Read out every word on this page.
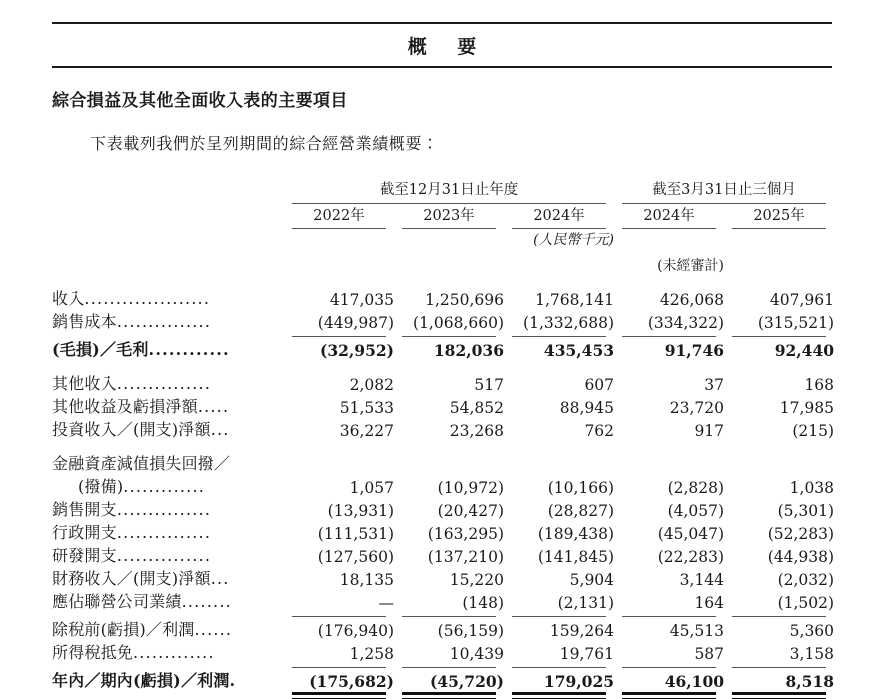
概 要
綜合損益及其他全面收入表的主要項目
下表載列我們於呈列期間的綜合經營業績概要：
	截至12月31日止年度			截至3月31日止三個月	

	2022年	2023年	2024年	2024年	2025年

			(人民幣千元)		
				(未經審計)	

收入....................	417,035	1,250,696	1,768,141	426,068	407,961
銷售成本...............	(449,987)	(1,068,660)	(1,332,688)	(334,322)	(315,521)

(毛損)／毛利............	(32,952)	182,036	435,453	91,746	92,440

其他收入...............	2,082	517	607	37	168
其他收益及虧損淨額.....	51,533	54,852	88,945	23,720	17,985
投資收入／(開支)淨額...	36,227	23,268	762	917	(215)

金融資產減值損失回撥／					
(撥備).............	1,057	(10,972)	(10,166)	(2,828)	1,038
銷售開支...............	(13,931)	(20,427)	(28,827)	(4,057)	(5,301)
行政開支...............	(111,531)	(163,295)	(189,438)	(45,047)	(52,283)
研發開支...............	(127,560)	(137,210)	(141,845)	(22,283)	(44,938)
財務收入／(開支)淨額...	18,135	15,220	5,904	3,144	(2,032)
應佔聯營公司業績........	—	(148)	(2,131)	164	(1,502)

除稅前(虧損)／利潤......	(176,940)	(56,159)	159,264	45,513	5,360
所得稅抵免.............	1,258	10,439	19,761	587	3,158

年內／期內(虧損)／利潤.	(175,682)	(45,720)	179,025	46,100	8,518
